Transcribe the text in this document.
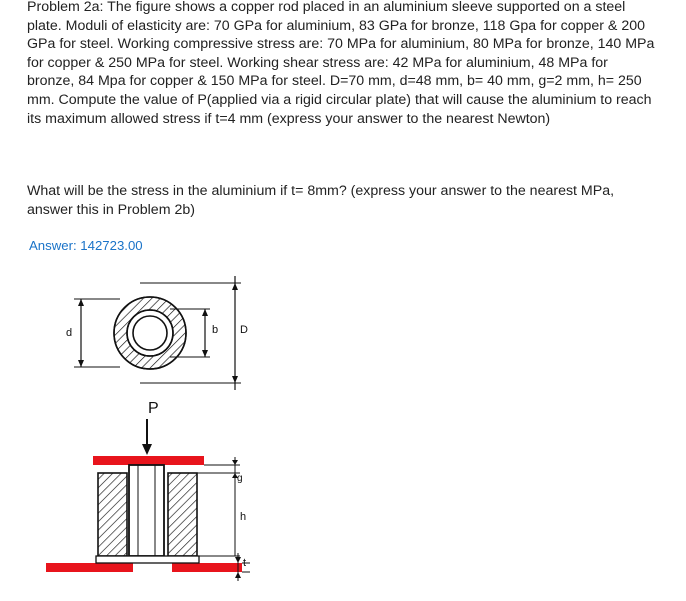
Problem 2a: The figure shows a copper rod placed in an aluminium sleeve supported on a steel plate. Moduli of elasticity are: 70 GPa for aluminium, 83 GPa for bronze, 118 Gpa for copper & 200 GPa for steel. Working compressive stress are: 70 MPa for aluminium, 80 MPa for bronze, 140 MPa for copper & 250 MPa for steel. Working shear stress are: 42 MPa for aluminium, 48 MPa for bronze, 84 Mpa for copper & 150 MPa for steel. D=70 mm, d=48 mm, b= 40 mm, g=2 mm, h= 250 mm. Compute the value of P(applied via a rigid circular plate) that will cause the aluminium to reach its maximum allowed stress if t=4 mm (express your answer to the nearest Newton)

What will be the stress in the aluminium if t= 8mm? (express your answer to the nearest MPa, answer this in Problem 2b)

Answer: 142723.00
d	b D
P
g
h
t
